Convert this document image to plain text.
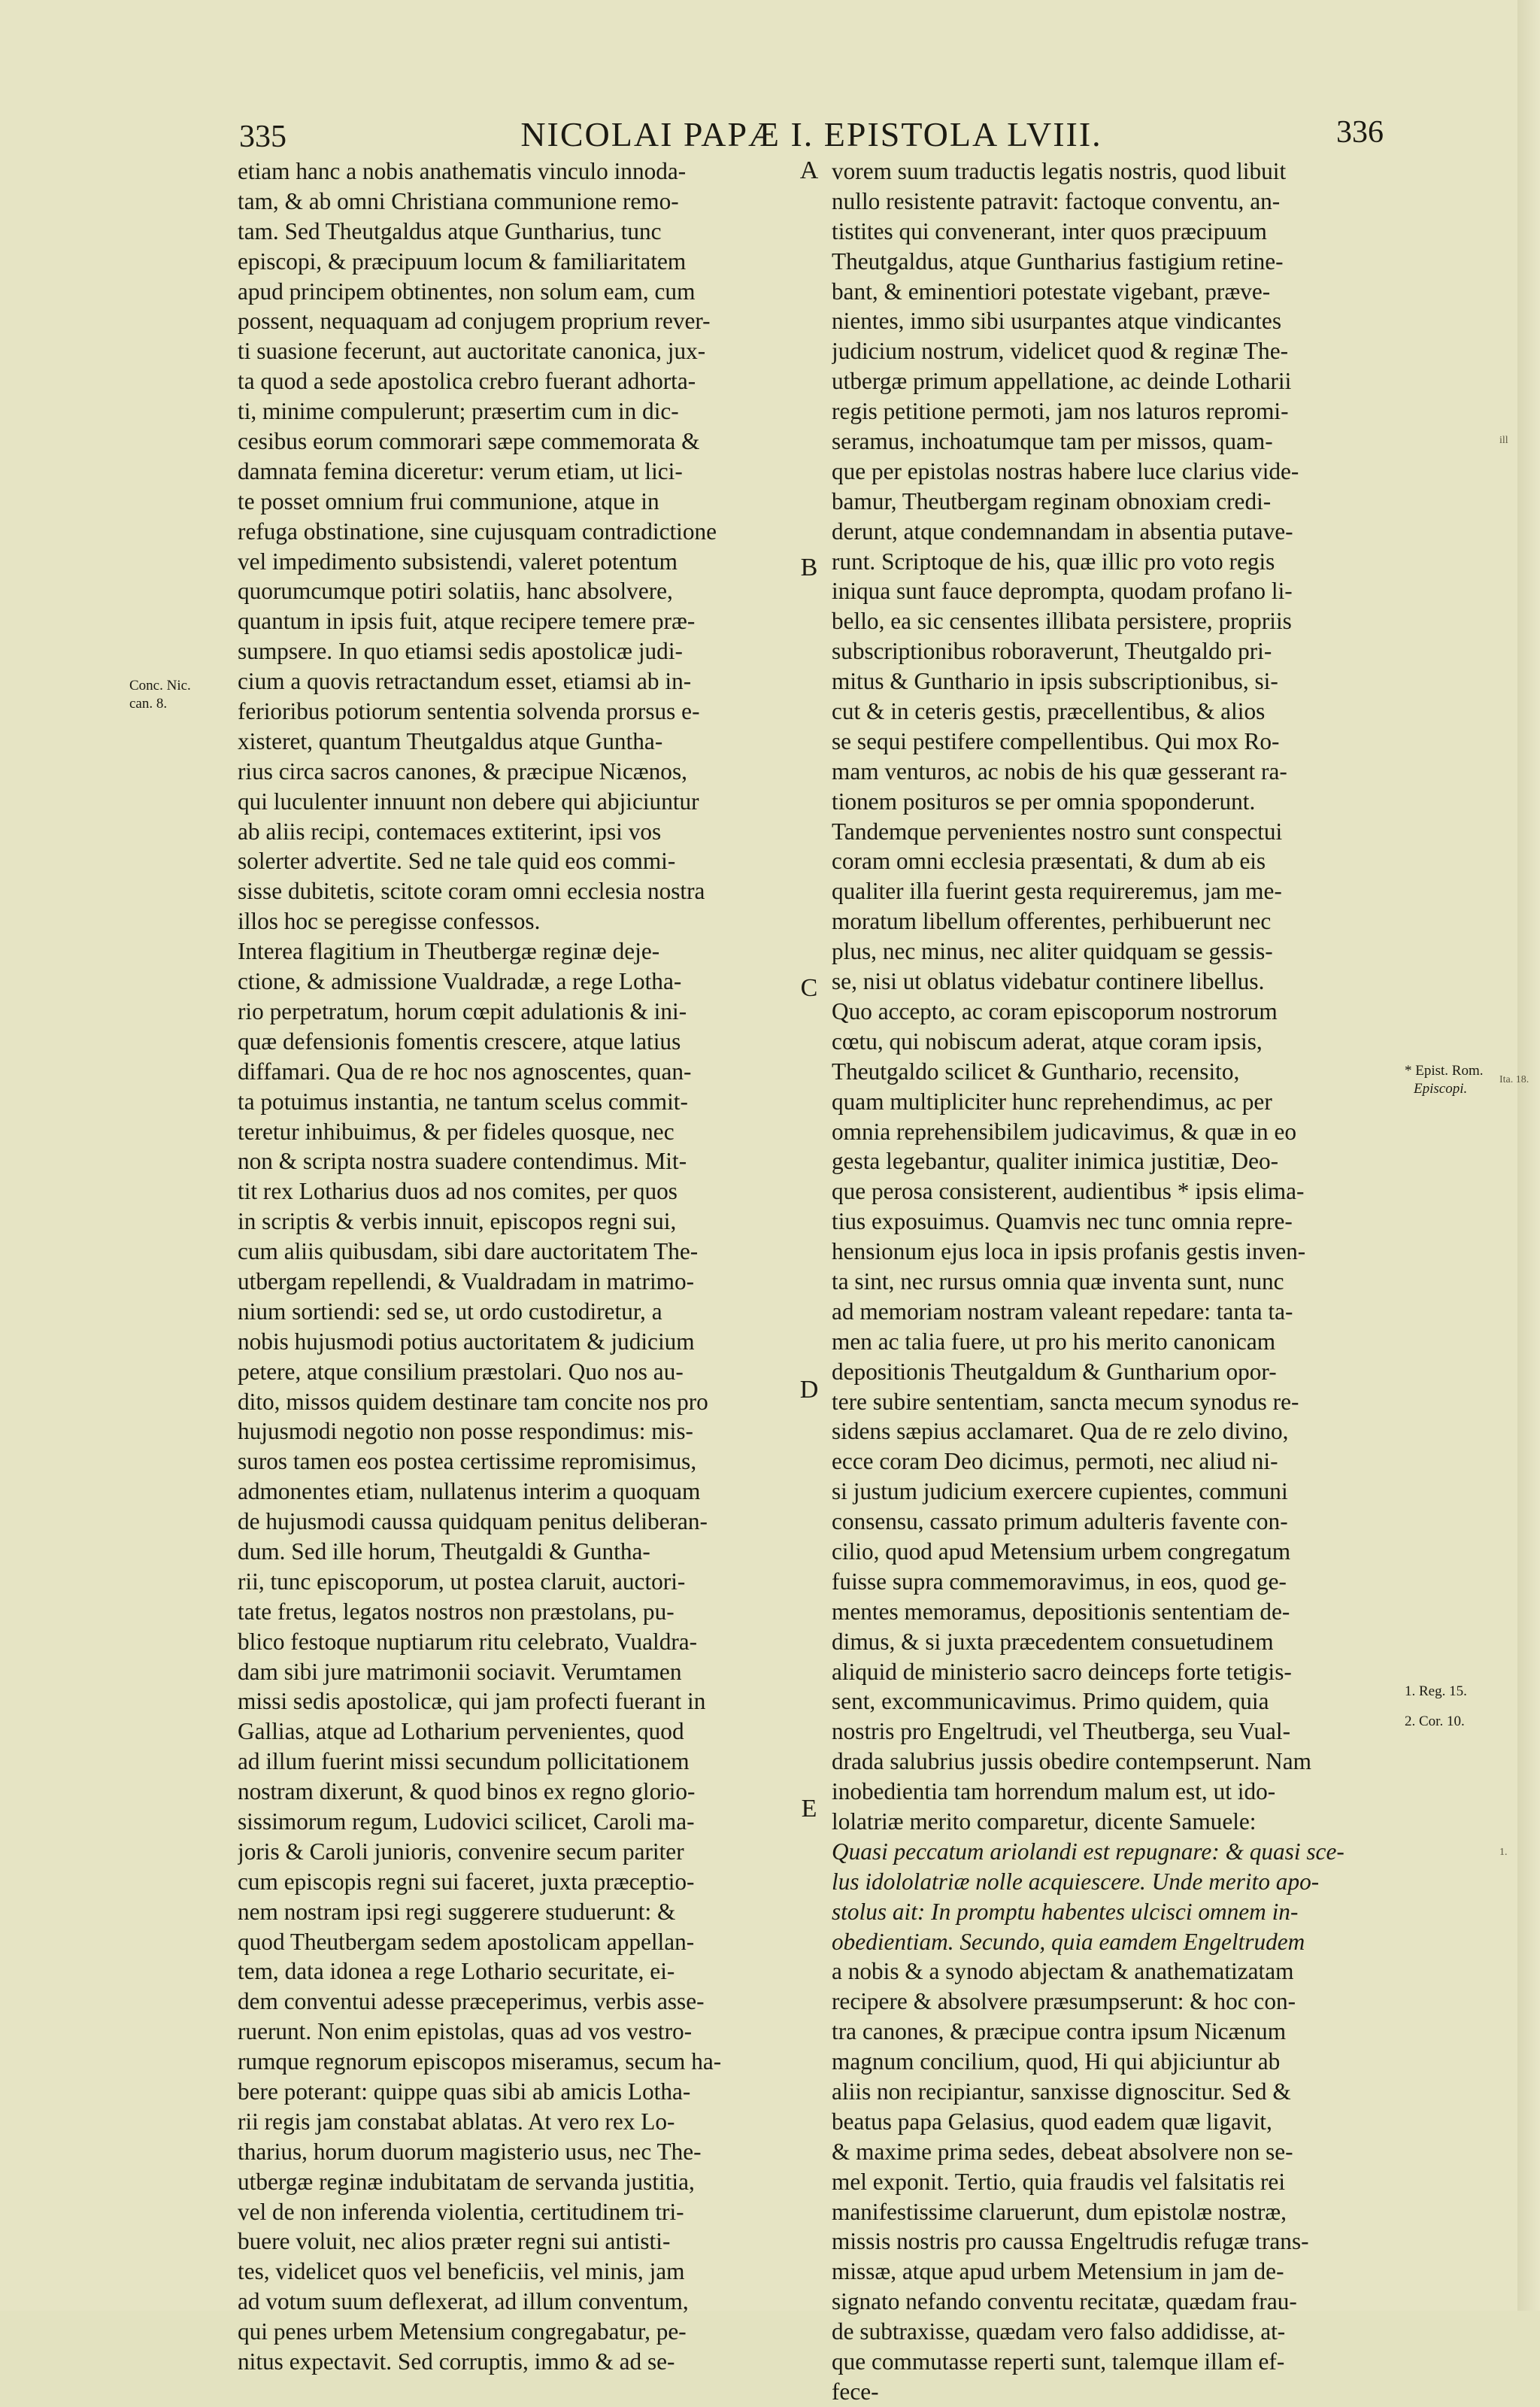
335	NICOLAI PAPÆ I. EPISTOLA LVIII.	336
etiam hanc a nobis anathematis vinculo innoda-
tam, & ab omni Christiana communione remo-
tam. Sed Theutgaldus atque Guntharius, tunc
episcopi, & præcipuum locum & familiaritatem
apud principem obtinentes, non solum eam, cum
possent, nequaquam ad conjugem proprium rever-
ti suasione fecerunt, aut auctoritate canonica, jux-
ta quod a sede apostolica crebro fuerant adhorta-
ti, minime compulerunt; præsertim cum in dic-
cesibus eorum commorari sæpe commemorata &
damnata femina diceretur: verum etiam, ut lici-
te posset omnium frui communione, atque in
refuga obstinatione, sine cujusquam contradictione
vel impedimento subsistendi, valeret potentum
quorumcumque potiri solatiis, hanc absolvere,
quantum in ipsis fuit, atque recipere temere præ-
sumpsere. In quo etiamsi sedis apostolicæ judi-
cium a quovis retractandum esset, etiamsi ab in-
ferioribus potiorum sententia solvenda prorsus e-
xisteret, quantum Theutgaldus atque Guntha-
rius circa sacros canones, & præcipue Nicænos,
qui luculenter innuunt non debere qui abjiciuntur
ab aliis recipi, contemaces extiterint, ipsi vos
solerter advertite. Sed ne tale quid eos commi-
sisse dubitetis, scitote coram omni ecclesia nostra
illos hoc se peregisse confessos.
Interea flagitium in Theutbergæ reginæ deje-
ctione, & admissione Vualdradæ, a rege Lotha-
rio perpetratum, horum cœpit adulationis & ini-
quæ defensionis fomentis crescere, atque latius
diffamari. Qua de re hoc nos agnoscentes, quan-
ta potuimus instantia, ne tantum scelus commit-
teretur inhibuimus, & per fideles quosque, nec
non & scripta nostra suadere contendimus. Mit-
tit rex Lotharius duos ad nos comites, per quos
in scriptis & verbis innuit, episcopos regni sui,
cum aliis quibusdam, sibi dare auctoritatem The-
utbergam repellendi, & Vualdradam in matrimo-
nium sortiendi: sed se, ut ordo custodiretur, a
nobis hujusmodi potius auctoritatem & judicium
petere, atque consilium præstolari. Quo nos au-
dito, missos quidem destinare tam concite nos pro
hujusmodi negotio non posse respondimus: mis-
suros tamen eos postea certissime repromisimus,
admonentes etiam, nullatenus interim a quoquam
de hujusmodi caussa quidquam penitus deliberan-
dum. Sed ille horum, Theutgaldi & Guntha-
rii, tunc episcoporum, ut postea claruit, auctori-
tate fretus, legatos nostros non præstolans, pu-
blico festoque nuptiarum ritu celebrato, Vualdra-
dam sibi jure matrimonii sociavit. Verumtamen
missi sedis apostolicæ, qui jam profecti fuerant in
Gallias, atque ad Lotharium pervenientes, quod
ad illum fuerint missi secundum pollicitationem
nostram dixerunt, & quod binos ex regno glorio-
sissimorum regum, Ludovici scilicet, Caroli ma-
joris & Caroli junioris, convenire secum pariter
cum episcopis regni sui faceret, juxta præceptio-
nem nostram ipsi regi suggerere studuerunt: &
quod Theutbergam sedem apostolicam appellan-
tem, data idonea a rege Lothario securitate, ei-
dem conventui adesse præceperimus, verbis asse-
ruerunt. Non enim epistolas, quas ad vos vestro-
rumque regnorum episcopos miseramus, secum ha-
bere poterant: quippe quas sibi ab amicis Lotha-
rii regis jam constabat ablatas. At vero rex Lo-
tharius, horum duorum magisterio usus, nec The-
utbergæ reginæ indubitatam de servanda justitia,
vel de non inferenda violentia, certitudinem tri-
buere voluit, nec alios præter regni sui antisti-
tes, videlicet quos vel beneficiis, vel minis, jam
ad votum suum deflexerat, ad illum conventum,
qui penes urbem Metensium congregabatur, pe-
nitus expectavit. Sed corruptis, immo & ad se-
vorem suum traductis legatis nostris, quod libuit
nullo resistente patravit: factoque conventu, an-
tistites qui convenerant, inter quos præcipuum
Theutgaldus, atque Guntharius fastigium retine-
bant, & eminentiori potestate vigebant, præve-
nientes, immo sibi usurpantes atque vindicantes
judicium nostrum, videlicet quod & reginæ The-
utbergæ primum appellatione, ac deinde Lotharii
regis petitione permoti, jam nos laturos repromi-
seramus, inchoatumque tam per missos, quam-
que per epistolas nostras habere luce clarius vide-
bamur, Theutbergam reginam obnoxiam credi-
derunt, atque condemnandam in absentia putave-
runt. Scriptoque de his, quæ illic pro voto regis
iniqua sunt fauce deprompta, quodam profano li-
bello, ea sic censentes illibata persistere, propriis
subscriptionibus roboraverunt, Theutgaldo pri-
mitus & Gunthario in ipsis subscriptionibus, si-
cut & in ceteris gestis, præcellentibus, & alios
se sequi pestifere compellentibus. Qui mox Ro-
mam venturos, ac nobis de his quæ gesserant ra-
tionem posituros se per omnia spoponderunt.
Tandemque pervenientes nostro sunt conspectui
coram omni ecclesia præsentati, & dum ab eis
qualiter illa fuerint gesta requireremus, jam me-
moratum libellum offerentes, perhibuerunt nec
plus, nec minus, nec aliter quidquam se gessis-
se, nisi ut oblatus videbatur continere libellus.
Quo accepto, ac coram episcoporum nostrorum
cœtu, qui nobiscum aderat, atque coram ipsis,
Theutgaldo scilicet & Gunthario, recensito,
quam multipliciter hunc reprehendimus, ac per
omnia reprehensibilem judicavimus, & quæ in eo
gesta legebantur, qualiter inimica justitiæ, Deo-
que perosa consisterent, audientibus * ipsis elima-
tius exposuimus. Quamvis nec tunc omnia repre-
hensionum ejus loca in ipsis profanis gestis inven-
ta sint, nec rursus omnia quæ inventa sunt, nunc
ad memoriam nostram valeant repedare: tanta ta-
men ac talia fuere, ut pro his merito canonicam
depositionis Theutgaldum & Guntharium opor-
tere subire sententiam, sancta mecum synodus re-
sidens sæpius acclamaret. Qua de re zelo divino,
ecce coram Deo dicimus, permoti, nec aliud ni-
si justum judicium exercere cupientes, communi
consensu, cassato primum adulteris favente con-
cilio, quod apud Metensium urbem congregatum
fuisse supra commemoravimus, in eos, quod ge-
mentes memoramus, depositionis sententiam de-
dimus, & si juxta præcedentem consuetudinem
aliquid de ministerio sacro deinceps forte tetigis-
sent, excommunicavimus. Primo quidem, quia
nostris pro Engeltrudi, vel Theutberga, seu Vual-
drada salubrius jussis obedire contempserunt. Nam
inobedientia tam horrendum malum est, ut ido-
lolatriæ merito comparetur, dicente Samuele:
Quasi peccatum ariolandi est repugnare: & quasi sce-
lus idololatriæ nolle acquiescere. Unde merito apo-
stolus ait: In promptu habentes ulcisci omnem in-
obedientiam. Secundo, quia eamdem Engeltrudem
a nobis & a synodo abjectam & anathematizatam
recipere & absolvere præsumpserunt: & hoc con-
tra canones, & præcipue contra ipsum Nicænum
magnum concilium, quod, Hi qui abjiciuntur ab
aliis non recipiantur, sanxisse dignoscitur. Sed &
beatus papa Gelasius, quod eadem quæ ligavit,
& maxime prima sedes, debeat absolvere non se-
mel exponit. Tertio, quia fraudis vel falsitatis rei
manifestissime claruerunt, dum epistolæ nostræ,
missis nostris pro caussa Engeltrudis refugæ trans-
missæ, atque apud urbem Metensium in jam de-
signato nefando conventu recitatæ, quædam frau-
de subtraxisse, quædam vero falso addidisse, at-
que commutasse reperti sunt, talemque illam ef-
fece-
A
B
C
D
E
Conc. Nic.
can. 8.
* Epist. Rom.
Episcopi.
1. Reg. 15.
2. Cor. 10.
ill
Ita. 18.
1.
